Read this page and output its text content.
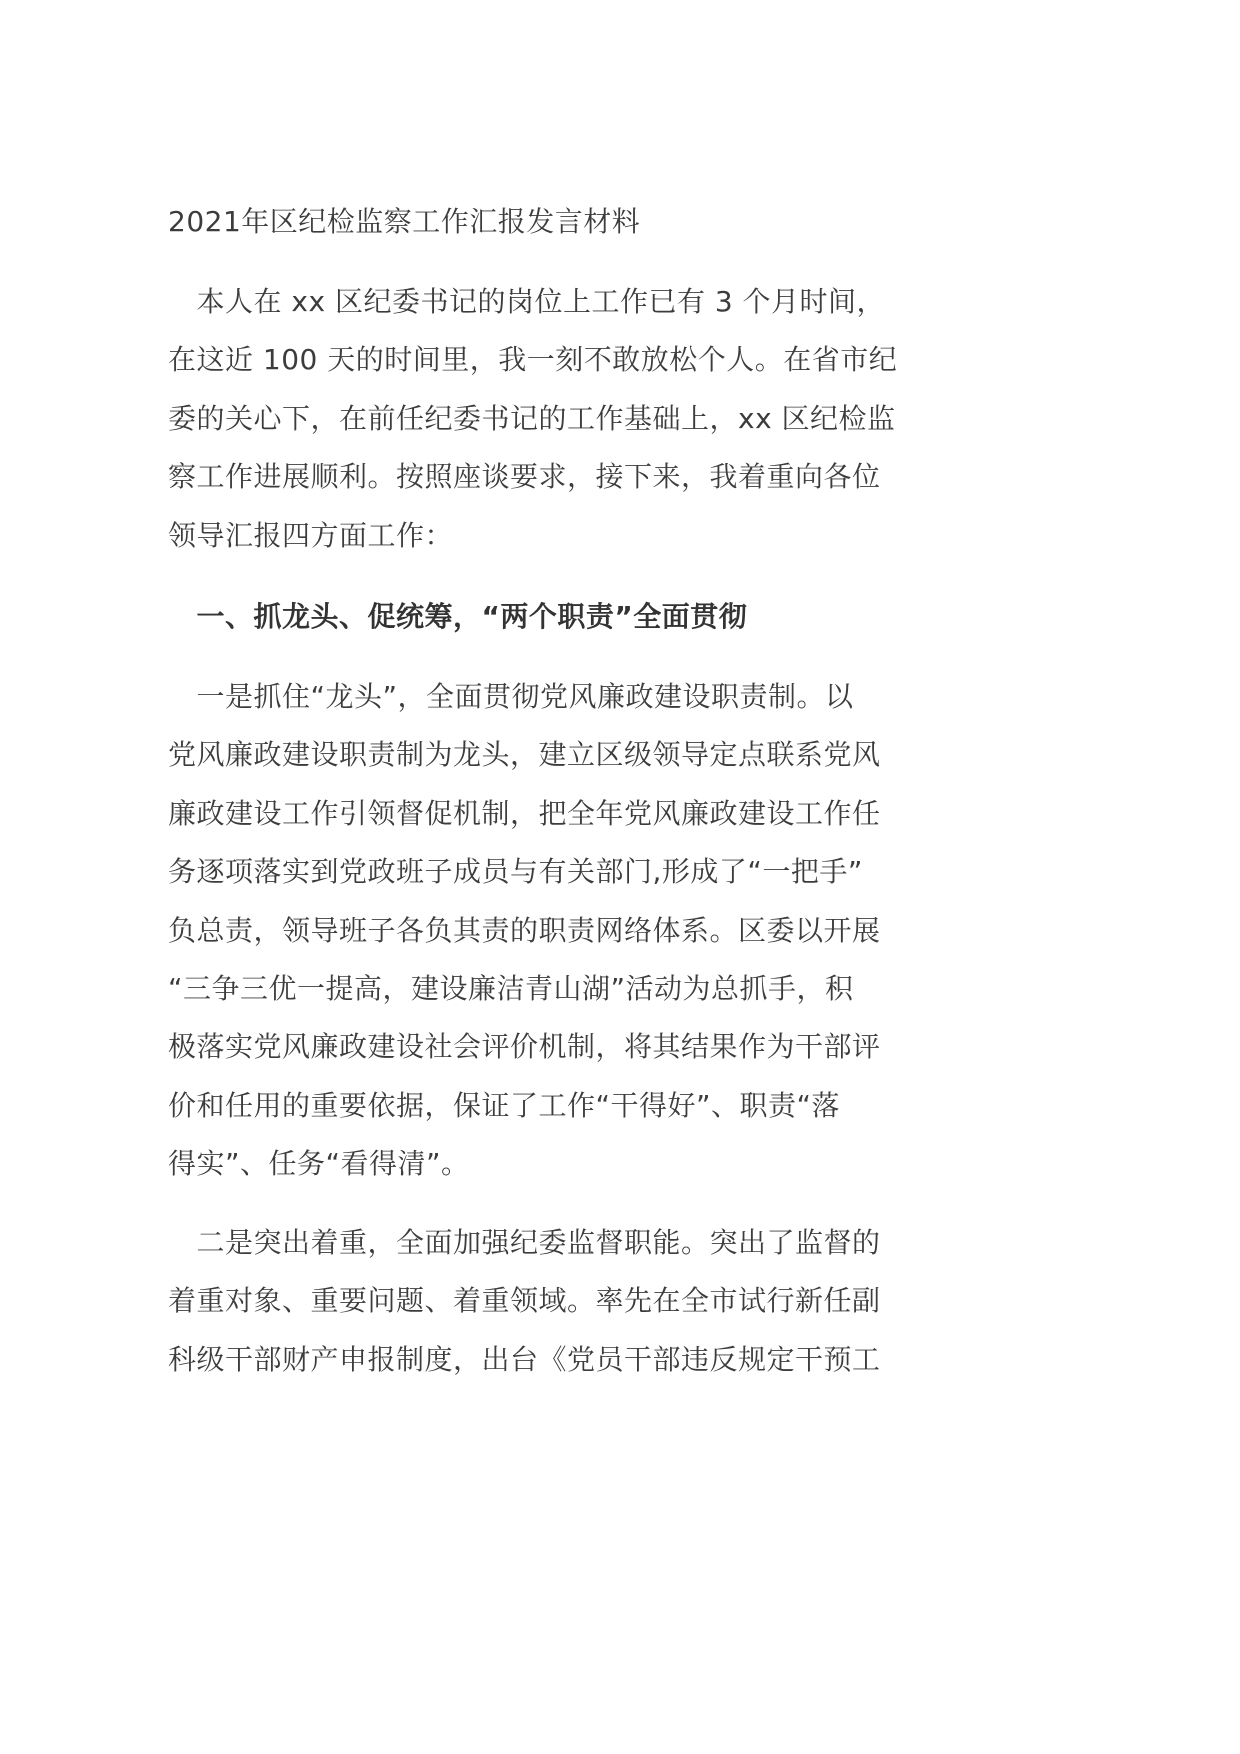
2021年区纪检监察工作汇报发言材料
　本人在 xx 区纪委书记的岗位上工作已有 3 个月时间，
在这近 100 天的时间里，我一刻不敢放松个人。在省市纪
委的关心下，在前任纪委书记的工作基础上，xx 区纪检监
察工作进展顺利。按照座谈要求，接下来，我着重向各位
领导汇报四方面工作：
　一、抓龙头、促统筹，“两个职责”全面贯彻
　一是抓住“龙头”，全面贯彻党风廉政建设职责制。以
党风廉政建设职责制为龙头，建立区级领导定点联系党风
廉政建设工作引领督促机制，把全年党风廉政建设工作任
务逐项落实到党政班子成员与有关部门,形成了“一把手”
负总责，领导班子各负其责的职责网络体系。区委以开展
“三争三优一提高，建设廉洁青山湖”活动为总抓手，积
极落实党风廉政建设社会评价机制，将其结果作为干部评
价和任用的重要依据，保证了工作“干得好”、职责“落
得实”、任务“看得清”。
　二是突出着重，全面加强纪委监督职能。突出了监督的
着重对象、重要问题、着重领域。率先在全市试行新任副
科级干部财产申报制度，出台《党员干部违反规定干预工
